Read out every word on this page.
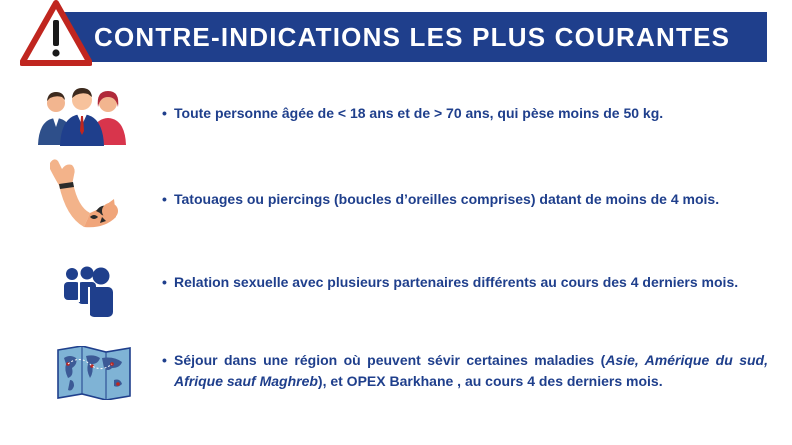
CONTRE-INDICATIONS LES PLUS COURANTES
• Toute personne âgée de < 18 ans et de > 70 ans, qui pèse moins de 50 kg.
• Tatouages ou piercings (boucles d’oreilles comprises) datant de moins de 4 mois.
• Relation sexuelle avec plusieurs partenaires différents au cours des 4 derniers mois.
• Séjour dans une région où peuvent sévir certaines maladies (Asie, Amérique du sud, Afrique sauf Maghreb), et OPEX Barkhane , au cours 4 des derniers mois.
